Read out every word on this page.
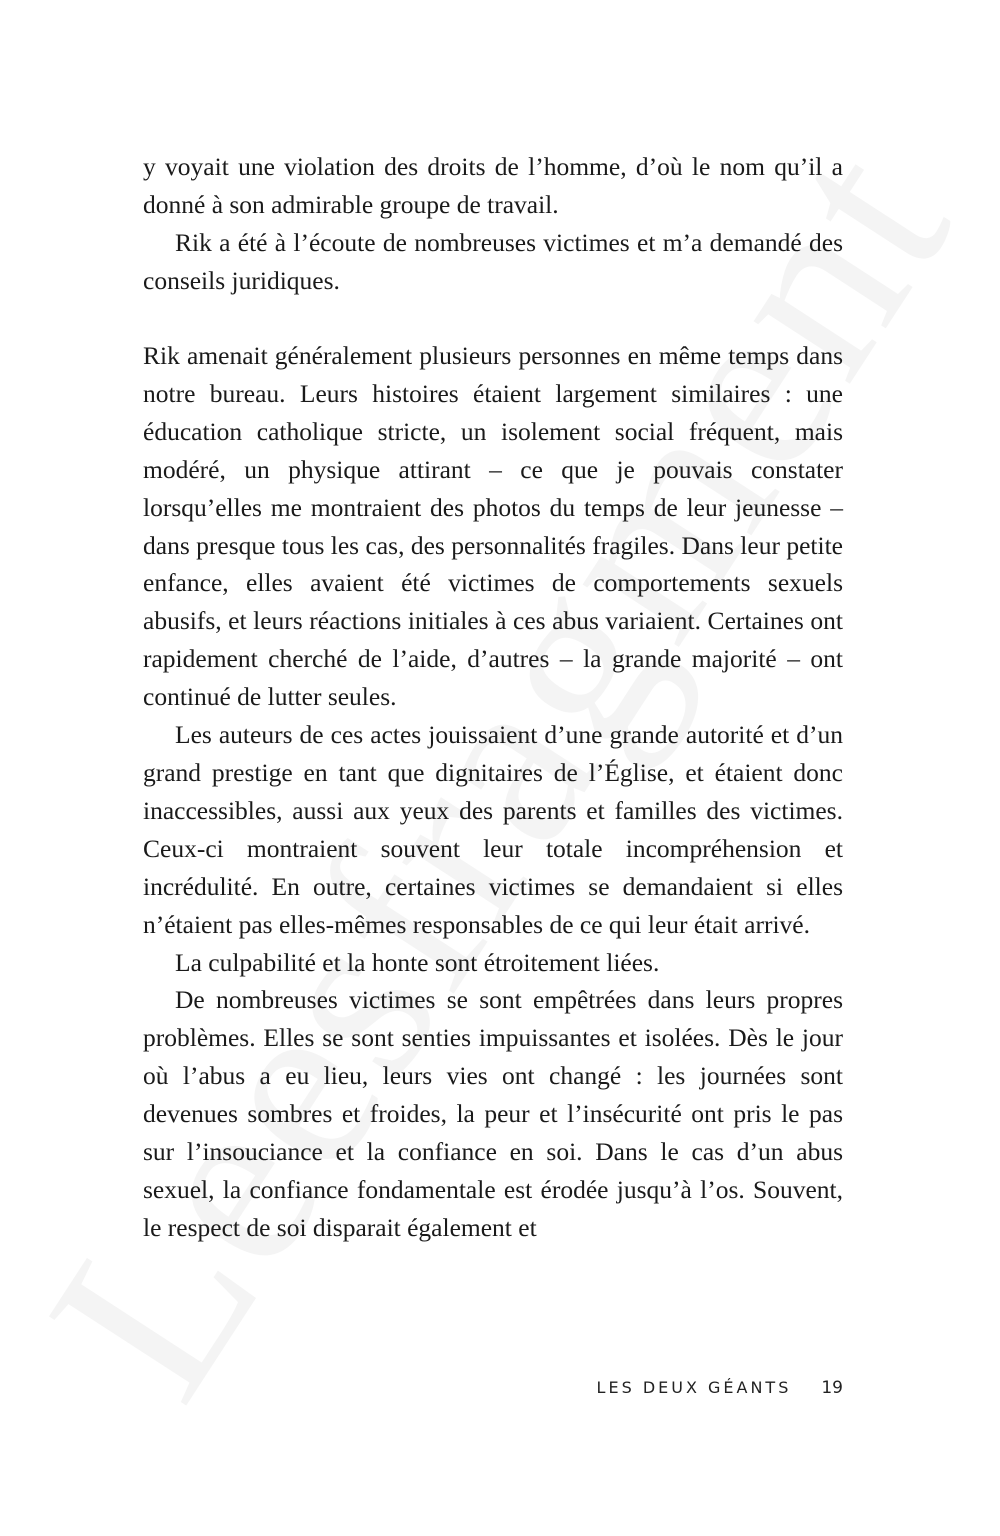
y voyait une violation des droits de l’homme, d’où le nom qu’il a donné à son admirable groupe de travail.

Rik a été à l’écoute de nombreuses victimes et m’a demandé des conseils juridiques.

Rik amenait généralement plusieurs personnes en même temps dans notre bureau. Leurs histoires étaient largement similaires : une éducation catholique stricte, un isolement social fréquent, mais modéré, un physique attirant – ce que je pouvais constater lorsqu’elles me montraient des photos du temps de leur jeunesse – dans presque tous les cas, des personnalités fragiles. Dans leur petite enfance, elles avaient été victimes de comportements sexuels abusifs, et leurs réactions initiales à ces abus variaient. Certaines ont rapidement cherché de l’aide, d’autres – la grande majorité – ont continué de lutter seules.

Les auteurs de ces actes jouissaient d’une grande autorité et d’un grand prestige en tant que dignitaires de l’Église, et étaient donc inaccessibles, aussi aux yeux des parents et familles des victimes. Ceux-ci montraient souvent leur totale incompréhension et incrédulité. En outre, certaines victimes se demandaient si elles n’étaient pas elles-mêmes responsables de ce qui leur était arrivé.

La culpabilité et la honte sont étroitement liées.

De nombreuses victimes se sont empêtrées dans leurs propres problèmes. Elles se sont senties impuissantes et isolées. Dès le jour où l’abus a eu lieu, leurs vies ont changé : les journées sont devenues sombres et froides, la peur et l’insécurité ont pris le pas sur l’insouciance et la confiance en soi. Dans le cas d’un abus sexuel, la confiance fondamentale est érodée jusqu’à l’os. Souvent, le respect de soi disparait également et

LES DEUX GÉANTS 19
